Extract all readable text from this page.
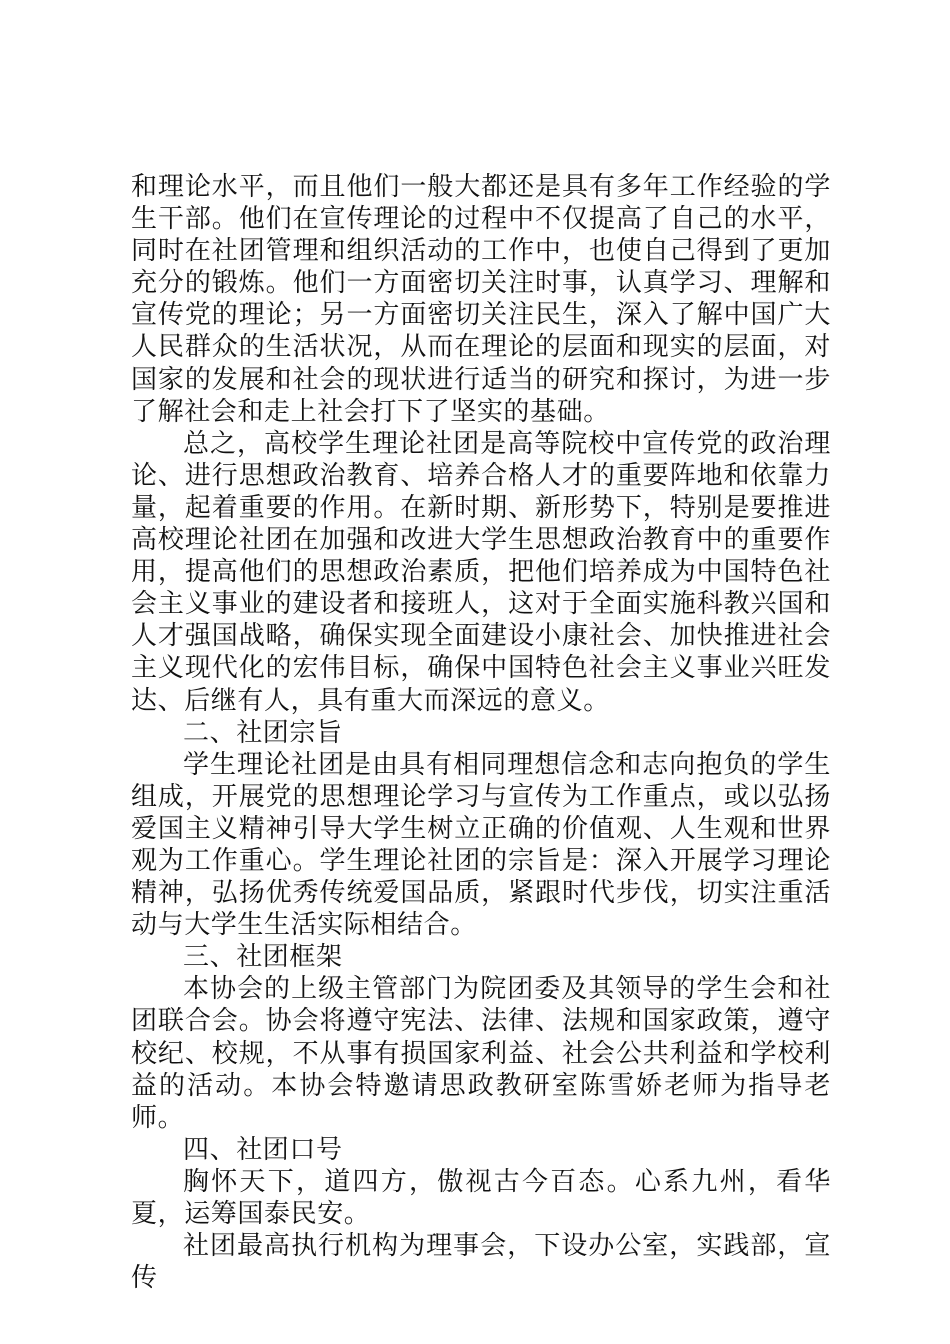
和理论水平，而且他们一般大都还是具有多年工作经验的学生干部。他们在宣传理论的过程中不仅提高了自己的水平，同时在社团管理和组织活动的工作中，也使自己得到了更加充分的锻炼。他们一方面密切关注时事，认真学习、理解和宣传党的理论；另一方面密切关注民生，深入了解中国广大人民群众的生活状况，从而在理论的层面和现实的层面，对国家的发展和社会的现状进行适当的研究和探讨，为进一步了解社会和走上社会打下了坚实的基础。

总之，高校学生理论社团是高等院校中宣传党的政治理论、进行思想政治教育、培养合格人才的重要阵地和依靠力量，起着重要的作用。在新时期、新形势下，特别是要推进高校理论社团在加强和改进大学生思想政治教育中的重要作用，提高他们的思想政治素质，把他们培养成为中国特色社会主义事业的建设者和接班人，这对于全面实施科教兴国和人才强国战略，确保实现全面建设小康社会、加快推进社会主义现代化的宏伟目标，确保中国特色社会主义事业兴旺发达、后继有人，具有重大而深远的意义。

二、社团宗旨

学生理论社团是由具有相同理想信念和志向抱负的学生组成，开展党的思想理论学习与宣传为工作重点，或以弘扬爱国主义精神引导大学生树立正确的价值观、人生观和世界观为工作重心。学生理论社团的宗旨是：深入开展学习理论精神，弘扬优秀传统爱国品质，紧跟时代步伐，切实注重活动与大学生生活实际相结合。

三、社团框架

本协会的上级主管部门为院团委及其领导的学生会和社团联合会。协会将遵守宪法、法律、法规和国家政策，遵守校纪、校规，不从事有损国家利益、社会公共利益和学校利益的活动。本协会特邀请思政教研室陈雪娇老师为指导老师。

四、社团口号

胸怀天下，道四方，傲视古今百态。心系九州，看华夏，运筹国泰民安。

社团最高执行机构为理事会，下设办公室，实践部，宣传
